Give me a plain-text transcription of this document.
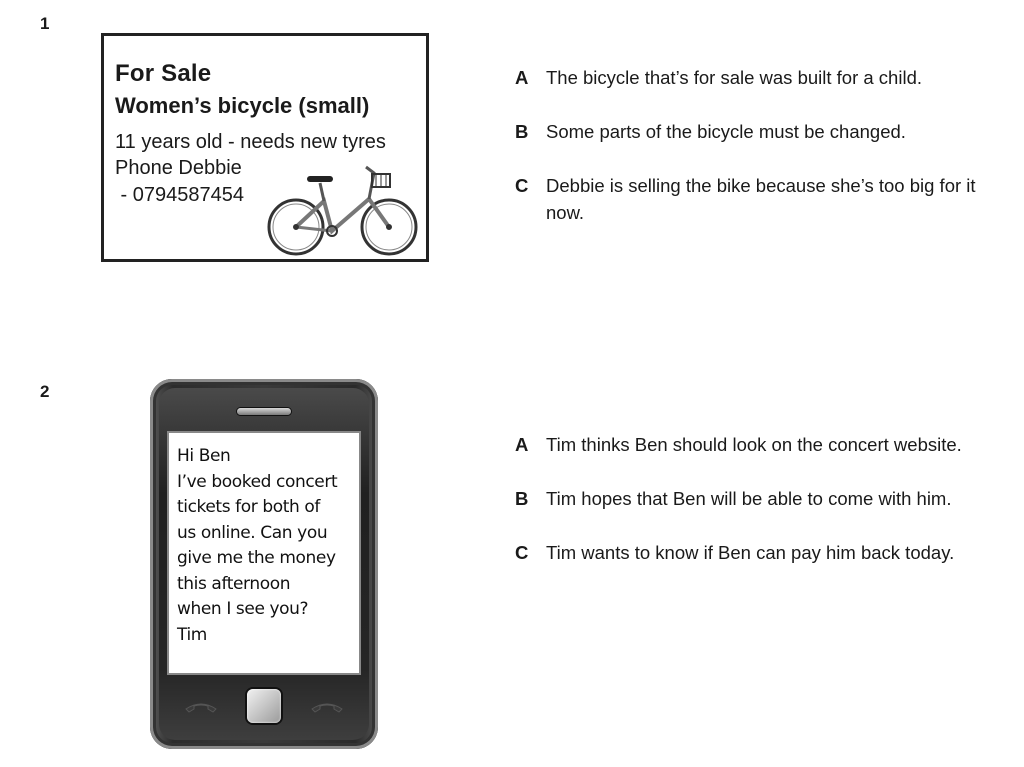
1
For Sale
Women’s bicycle (small)
11 years old - needs new tyres
Phone Debbie
- 0794587454
A The bicycle that’s for sale was built for a child.
B Some parts of the bicycle must be changed.
C Debbie is selling the bike because she’s too big for it now.
2
Hi Ben
I’ve booked concert
tickets for both of
us online. Can you
give me the money
this afternoon
when I see you?
Tim
A Tim thinks Ben should look on the concert website.
B Tim hopes that Ben will be able to come with him.
C Tim wants to know if Ben can pay him back today.
